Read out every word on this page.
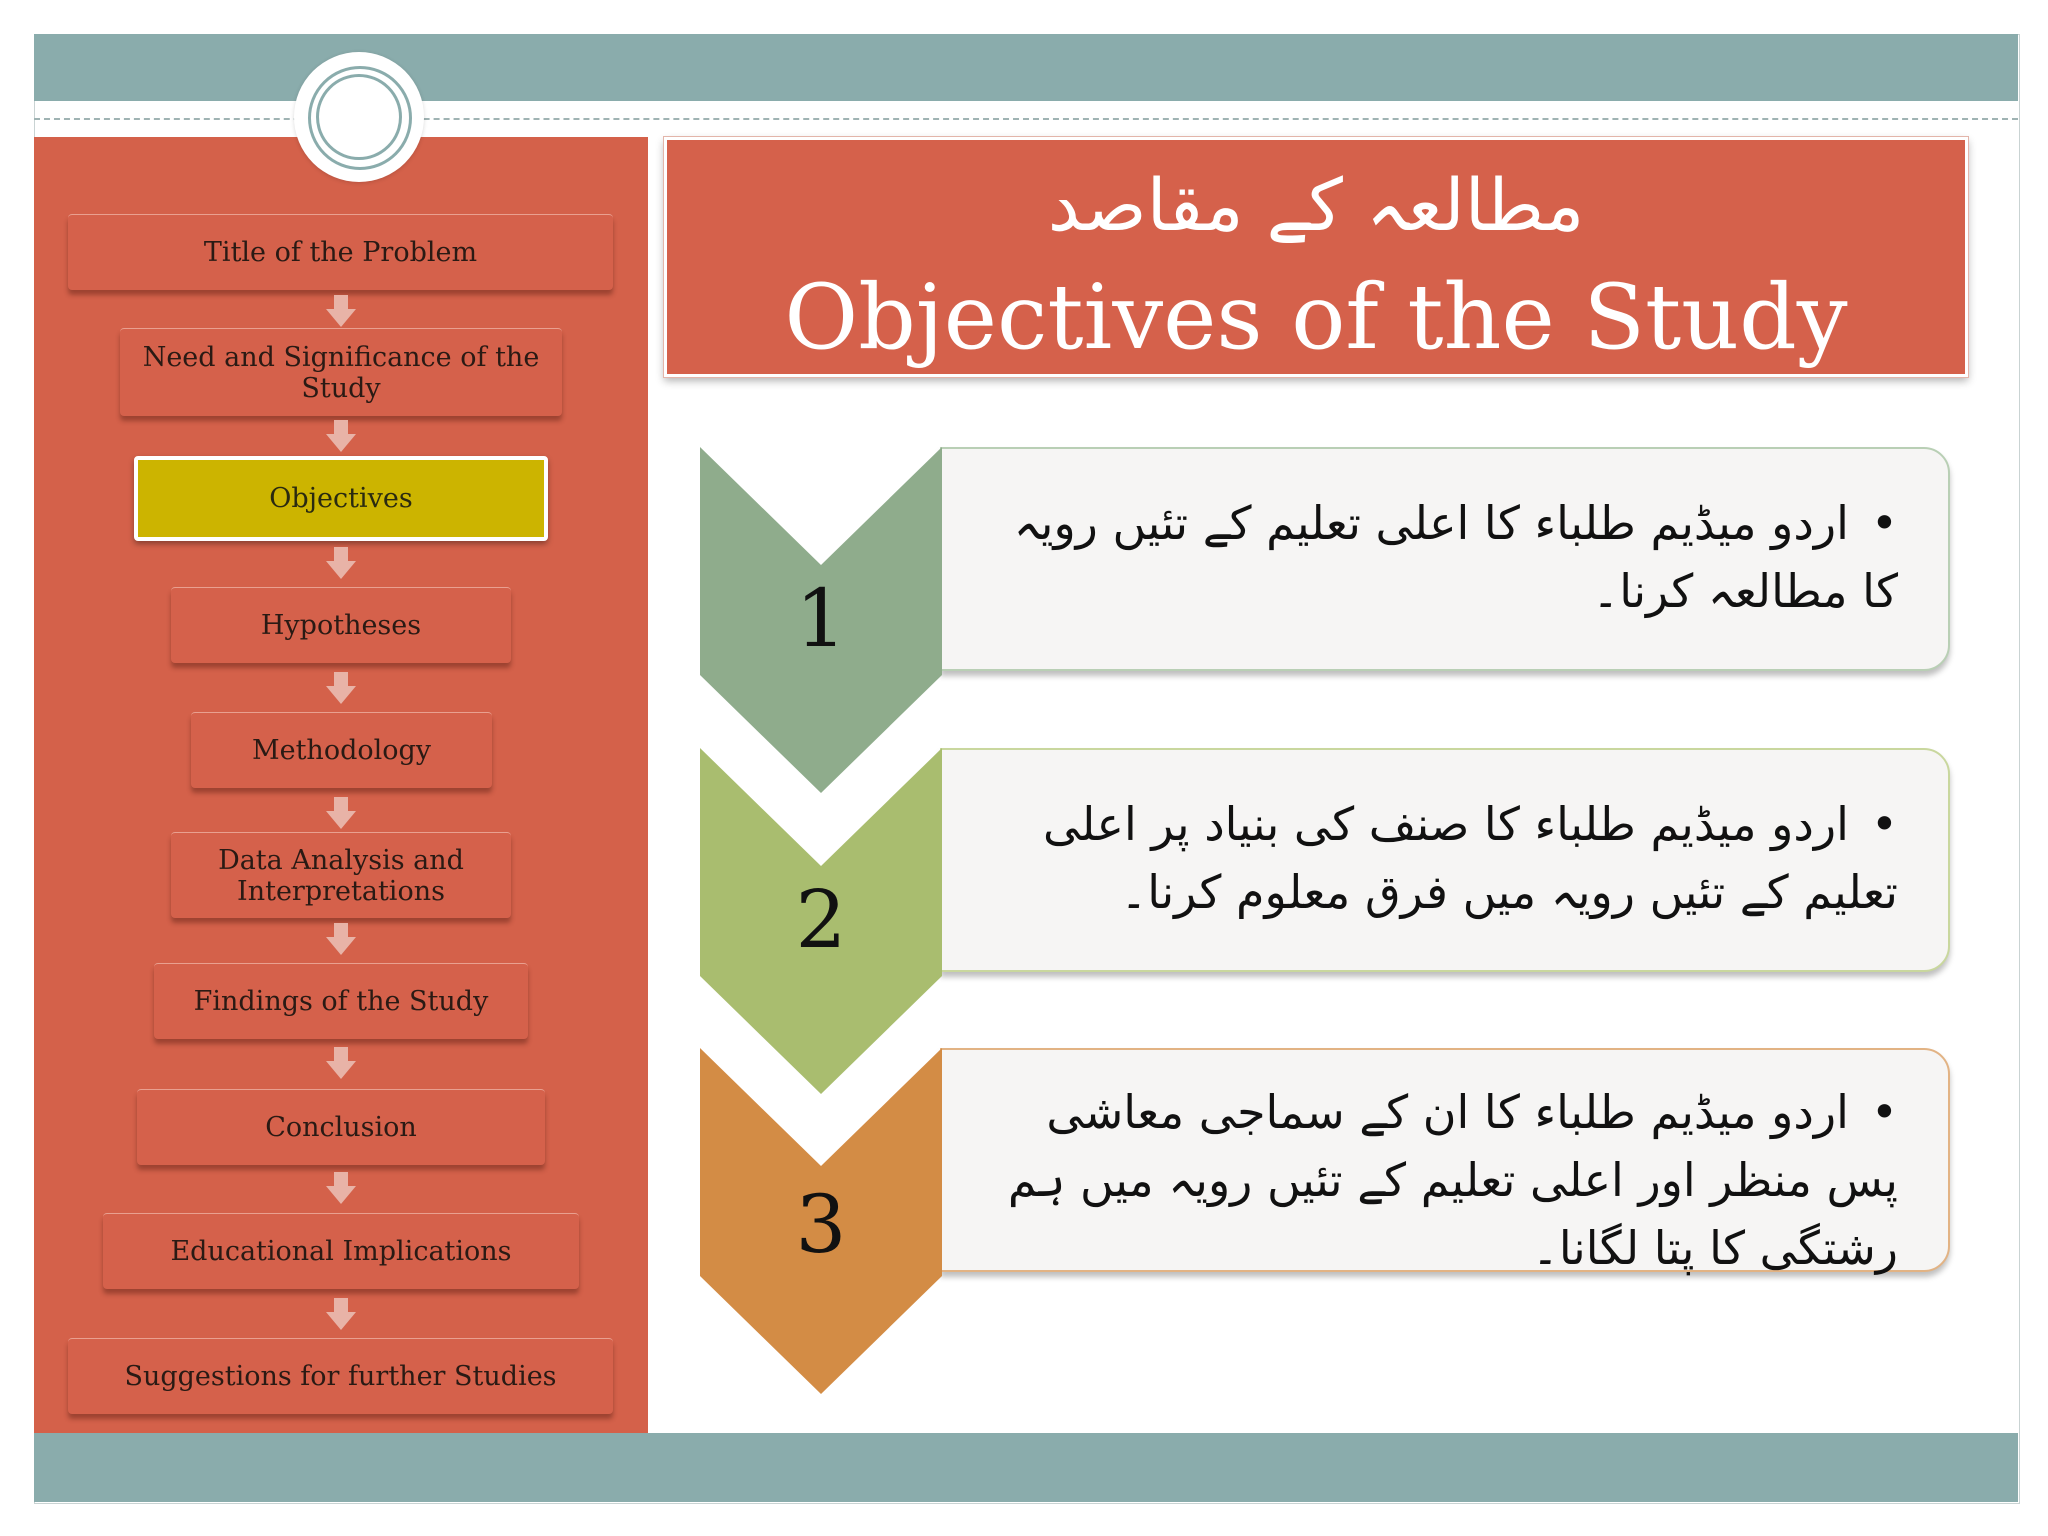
Title of the Problem
Need and Significance of the Study
Objectives
Hypotheses
Methodology
Data Analysis and Interpretations
Findings of the Study
Conclusion
Educational Implications
Suggestions for further Studies
مطالعہ کے مقاصد
Objectives of the Study
•اردو میڈیم طلباء کا اعلی تعلیم کے تئیں رویہ کا مطالعہ کرنا۔
•اردو میڈیم طلباء کا صنف کی بنیاد پر اعلی تعلیم کے تئیں رویہ میں فرق معلوم کرنا۔
•اردو میڈیم طلباء کا ان کے سماجی معاشی پس منظر اور اعلی تعلیم کے تئیں رویہ میں ہم رشتگی کا پتا لگانا۔
1
2
3
